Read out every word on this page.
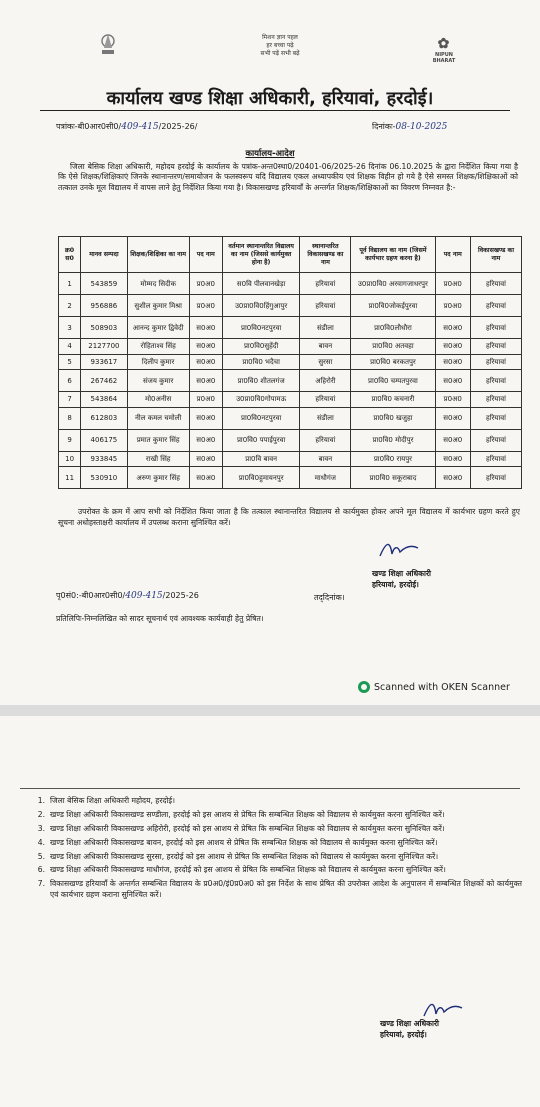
मिशन ज्ञान पहल
हर बच्चा पढ़े
सभी पढ़ें सभी बढ़ें
✿
NIPUN BHARAT
कार्यालय खण्ड शिक्षा अधिकारी, हरियावां, हरदोई।
पत्रांकः-बी0आर0सी0/409-415/2025-26/	दिनांकः-08-10-2025
कार्यालय-आदेश
जिला बेसिक शिक्षा अधिकारी, महोदय हरदोई के कार्यालय के पत्रांक-अन्त0स्था0/20401-06/2025-26 दिनांक 06.10.2025 के द्वारा निर्देशित किया गया है कि ऐसे शिक्षक/शिक्षिकाएं जिनके स्थानान्तरण/समायोजन के फलस्वरूप यदि विद्यालय एकल अध्यापकीय एवं शिक्षक विहीन हो गये है ऐसे समस्त शिक्षक/शिक्षिकाओं को तत्काल उनके मूल विद्यालय में वापस लाने हेतु निर्देशित किया गया है। विकासखण्ड हरियावाँ के अन्तर्गत शिक्षक/शिक्षिकाओं का विवरण निम्नवत है:-
क्र0 स0	मानव सम्पदा	शिक्षक/शिक्षिका का नाम	पद नाम	वर्तमान स्थानान्तरित विद्यालय का नाम (जिससे कार्यमुक्त होना है)	स्थानान्तरित विकासखण्ड का नाम	पूर्व विद्यालय का नाम (जिसमें कार्यभार ग्रहण करना है)	पद नाम	विकासखण्ड का नाम
1	543859	मोम्मद सिदीक	प्र0अ0	स0वि पीलवानखेड़ा	हरियावां	उ0प्रा0वि0 अरवागजाधरपुर	प्र0अ0	हरियावां
2	956886	सुशील कुमार मिश्रा	प्र0अ0	उ0प्रा0वि0हिंगुआपुर	हरियावां	प्रा0वि0जोकईपुरवा	प्र0अ0	हरियावां
3	508903	आनन्द कुमार द्विवेदी	स0अ0	प्रा0वि0नटपुरवा	संडीला	प्रा0वि0लौधौरा	स0अ0	हरियावां
4	2127700	रोहिताश्व सिंह	स0अ0	प्रा0वि0सुहेंदी	बावन	प्रा0वि0 अतवहा	स0अ0	हरियावां
5	933617	दिलीप कुमार	स0अ0	प्रा0वि0 भदैचा	सुरसा	प्रा0वि0 बरकतपुर	स0अ0	हरियावां
6	267462	संजय कुमार	स0अ0	प्रा0वि0 शीतलगंज	अहिरोरी	प्रा0वि0 चम्पतपुरवा	स0अ0	हरियावां
7	543864	मो0अनीस	प्र0अ0	उ0प्रा0वि0गोपामऊ	हरियावां	प्रा0वि0 कचनारी	प्र0अ0	हरियावां
8	612803	नील कमल चमोली	स0अ0	प्रा0वि0नटपुरवा	संडीला	प्रा0वि0 खजुहा	स0अ0	हरियावां
9	406175	प्रमात कुमार सिंह	स0अ0	प्रा0वि0 पपाईपुरवा	हरियावां	प्रा0वि0 मोदीपुर	स0अ0	हरियावां
10	933845	राखी सिंह	स0अ0	प्रा0वि बावन	बावन	प्रा0वि0 रायपुर	स0अ0	हरियावां
11	530910	अरुण कुमार सिंह	स0अ0	प्रा0वि0हुमायनपुर	माधौगंज	प्रा0वि0 सकूराबाद	स0अ0	हरियावां
उपरोक्त के क्रम में आप सभी को निर्देशित किया जाता है कि तत्काल स्थानान्तरित विद्यालय से कार्यमुक्त होकर अपने मूल विद्यालय में कार्यभार ग्रहण करते हुए सूचना अधोहस्ताक्षरी कार्यालय में उपलब्ध कराना सुनिश्चित करें।
खण्ड शिक्षा अधिकारी
हरियावां, हरदोई।
पृ0सं0:-बी0आर0सी0/409-415/2025-26	तद्‌दिनांक।
प्रतिलिपिः-निम्नलिखित को सादर सूचनार्थ एवं आवश्यक कार्यवाही हेतु प्रेषित।
Scanned with OKEN Scanner
1. जिला बेसिक शिक्षा अधिकारी महोदय, हरदोई।
2. खण्ड शिक्षा अधिकारी विकासखण्ड सण्डीला, हरदोई को इस आशय से प्रेषित कि सम्बन्धित शिक्षक को विद्यालय से कार्यमुक्त करना सुनिश्चित करें।
3. खण्ड शिक्षा अधिकारी विकासखण्ड अहिरोरी, हरदोई को इस आशय से प्रेषित कि सम्बन्धित शिक्षक को विद्यालय से कार्यमुक्त करना सुनिश्चित करें।
4. खण्ड शिक्षा अधिकारी विकासखण्ड बावन, हरदोई को इस आशय से प्रेषित कि सम्बन्धित शिक्षक को विद्यालय से कार्यमुक्त करना सुनिश्चित करें।
5. खण्ड शिक्षा अधिकारी विकासखण्ड सुरसा, हरदोई को इस आशय से प्रेषित कि सम्बन्धित शिक्षक को विद्यालय से कार्यमुक्त करना सुनिश्चित करें।
6. खण्ड शिक्षा अधिकारी विकासखण्ड माधौगंज, हरदोई को इस आशय से प्रेषित कि सम्बन्धित शिक्षक को विद्यालय से कार्यमुक्त करना सुनिश्चित करें।
7. विकासखण्ड हरियावाँ के अन्तर्गत सम्बन्धित विद्यालय के प्र0अ0/इं0प्र0अ0 को इस निर्देश के साथ प्रेषित की उपरोक्त आदेश के अनुपालन में सम्बन्धित शिक्षकों को कार्यमुक्त एवं कार्यभार ग्रहण कराना सुनिश्चित करें।
खण्ड शिक्षा अधिकारी
हरियावां, हरदोई।
